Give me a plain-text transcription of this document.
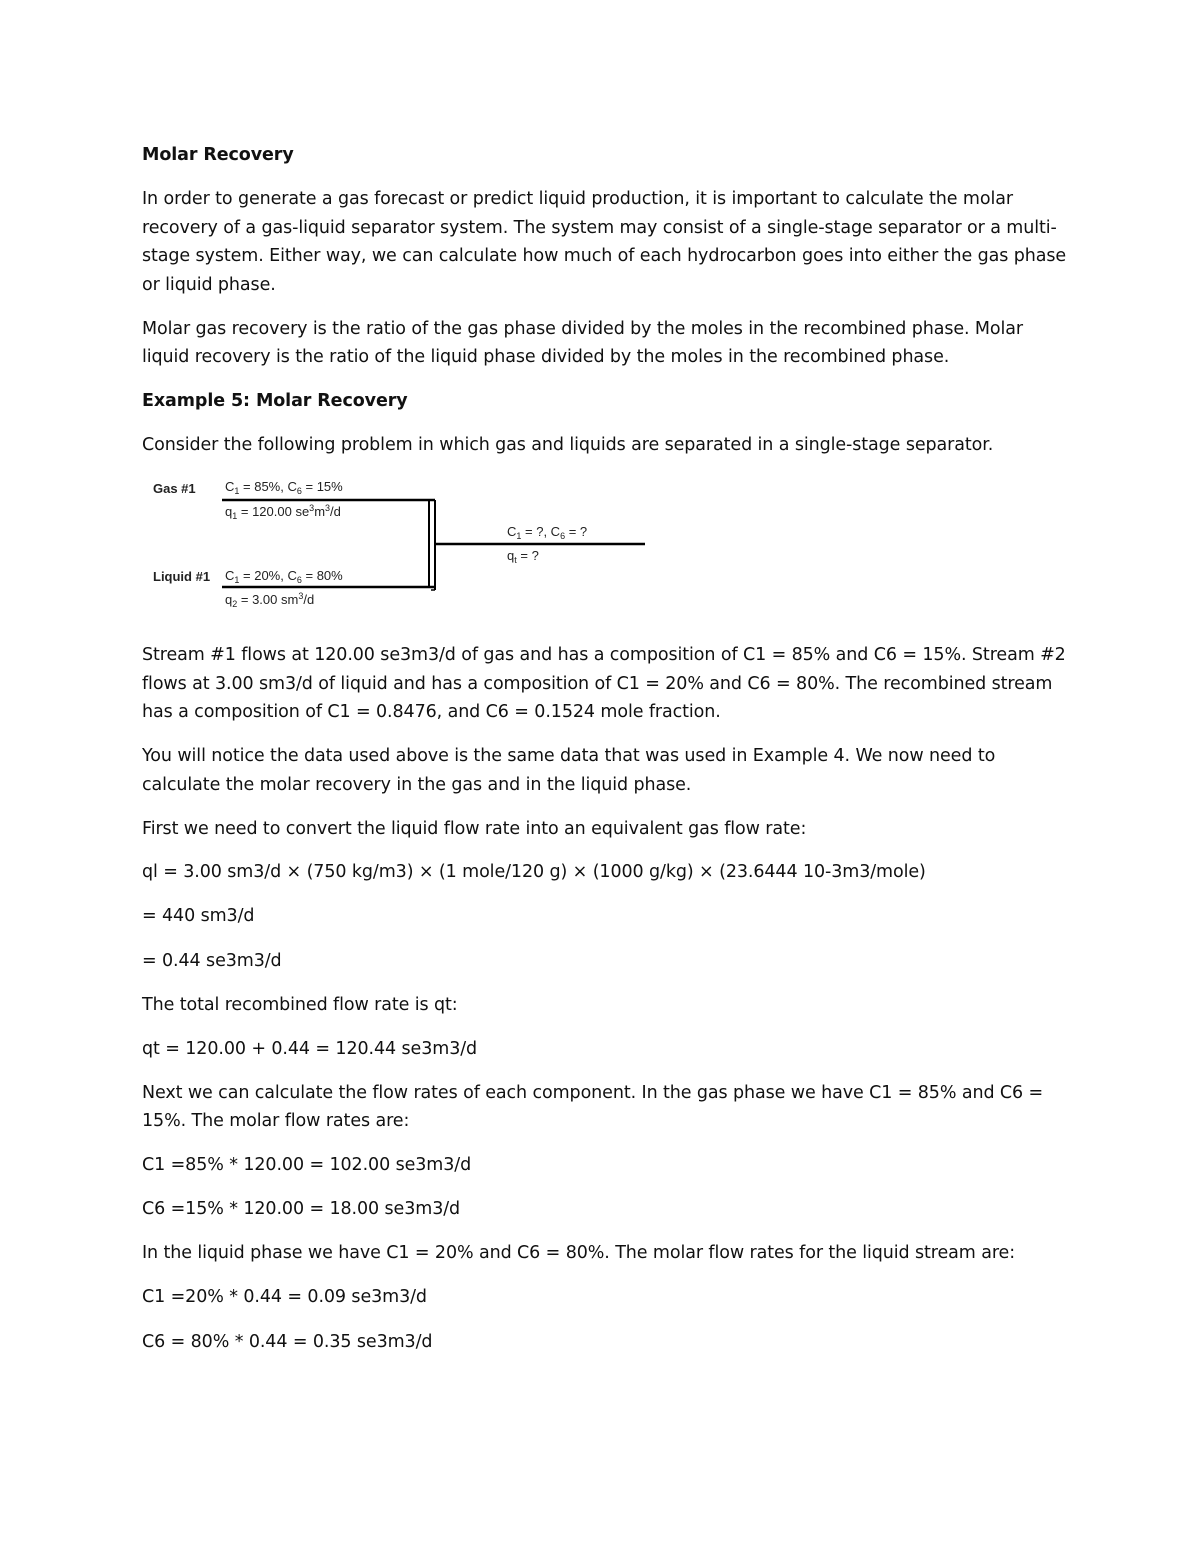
Molar Recovery
In order to generate a gas forecast or predict liquid production, it is important to calculate the molar
recovery of a gas-liquid separator system. The system may consist of a single-stage separator or a multi-
stage system. Either way, we can calculate how much of each hydrocarbon goes into either the gas phase
or liquid phase.
Molar gas recovery is the ratio of the gas phase divided by the moles in the recombined phase. Molar
liquid recovery is the ratio of the liquid phase divided by the moles in the recombined phase.
Example 5: Molar Recovery
Consider the following problem in which gas and liquids are separated in a single-stage separator.
Gas #1
Liquid #1
$C_1 = 85\%$, $C_6 = 15\%$
$q_1 = 120.00$ $se^3m^3/d$
$C_1 = 20\%$, $C_6 = 80\%$
$q_2 = 3.00$ $sm^3/d$
$C_1$ = ?, $C_6$ = ?
$q_t$ = ?
Stream #1 flows at 120.00 se3m3/d of gas and has a composition of C1 = 85% and C6 = 15%. Stream #2
flows at 3.00 sm3/d of liquid and has a composition of C1 = 20% and C6 = 80%. The recombined stream
has a composition of C1 = 0.8476, and C6 = 0.1524 mole fraction.
You will notice the data used above is the same data that was used in Example 4. We now need to
calculate the molar recovery in the gas and in the liquid phase.
First we need to convert the liquid flow rate into an equivalent gas flow rate:
ql = 3.00 sm3/d × (750 kg/m3) × (1 mole/120 g) × (1000 g/kg) × (23.6444 10-3m3/mole)
= 440 sm3/d
= 0.44 se3m3/d
The total recombined flow rate is qt:
qt = 120.00 + 0.44 = 120.44 se3m3/d
Next we can calculate the flow rates of each component. In the gas phase we have C1 = 85% and C6 =
15%. The molar flow rates are:
C1 =85% * 120.00 = 102.00 se3m3/d
C6 =15% * 120.00 = 18.00 se3m3/d
In the liquid phase we have C1 = 20% and C6 = 80%. The molar flow rates for the liquid stream are:
C1 =20% * 0.44 = 0.09 se3m3/d
C6 = 80% * 0.44 = 0.35 se3m3/d
